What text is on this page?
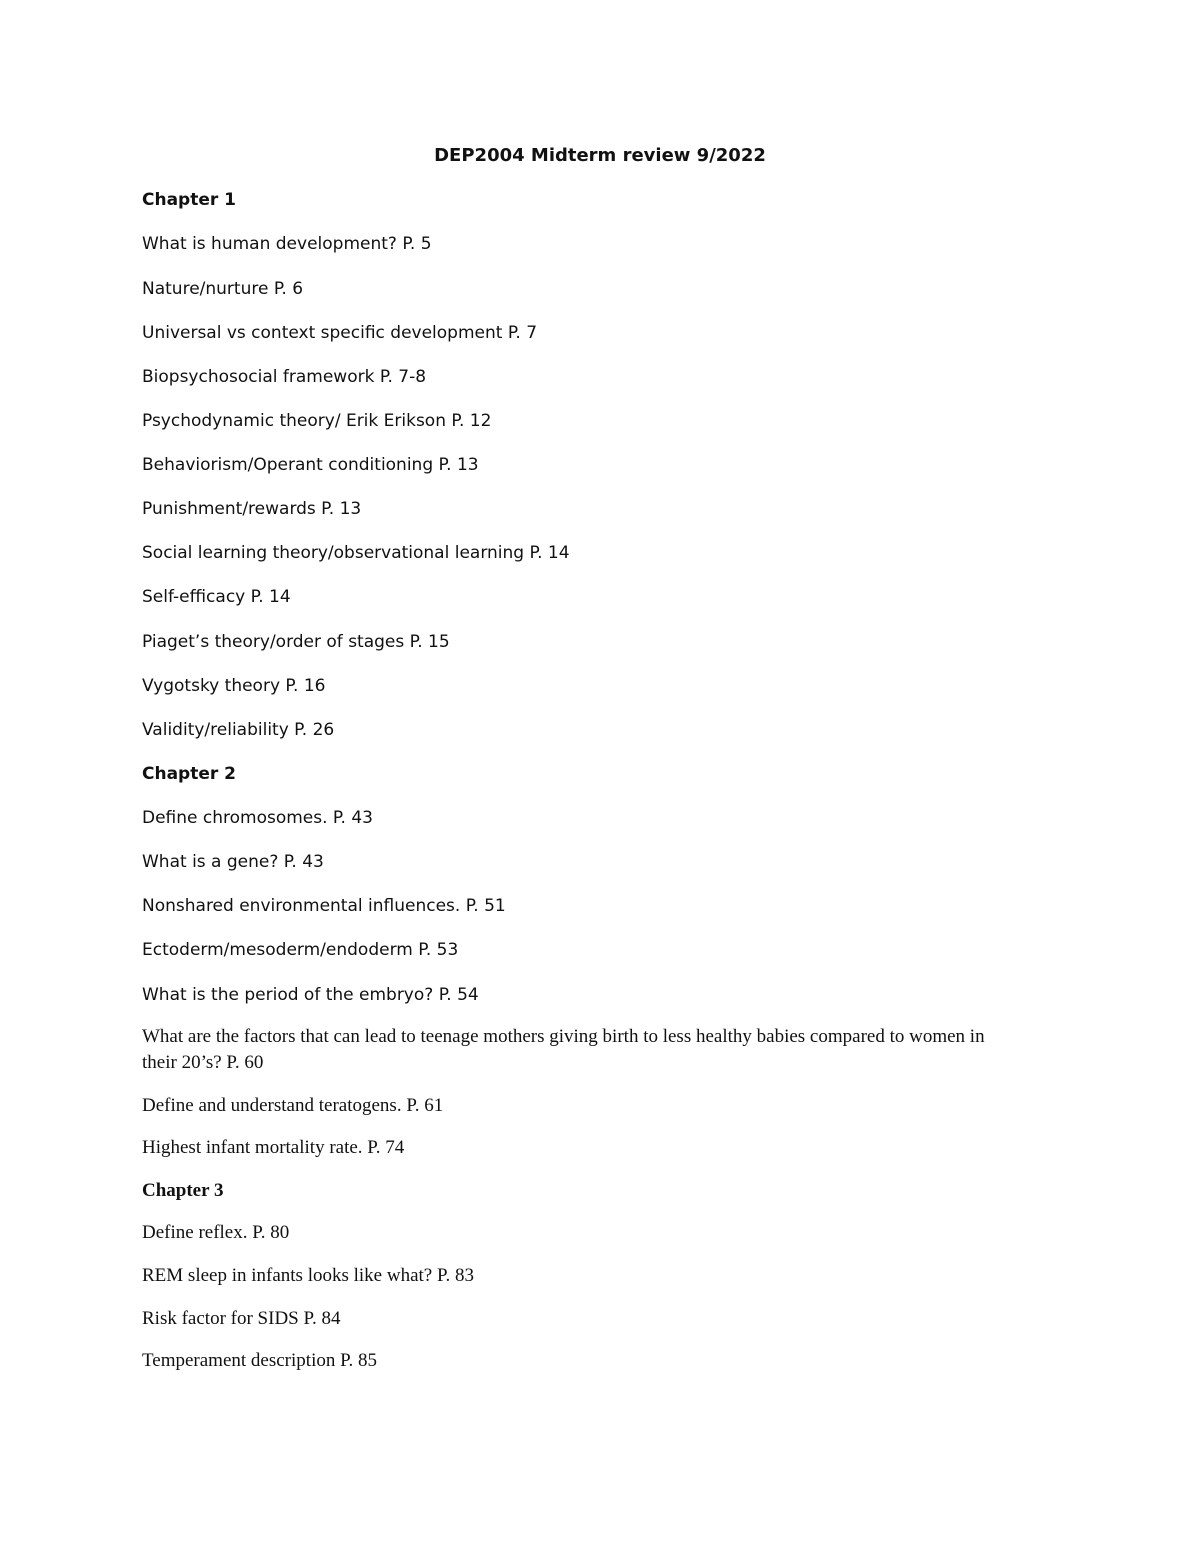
DEP2004 Midterm review 9/2022
Chapter 1
What is human development? P. 5
Nature/nurture P. 6
Universal vs context specific development P. 7
Biopsychosocial framework P. 7-8
Psychodynamic theory/ Erik Erikson P. 12
Behaviorism/Operant conditioning P. 13
Punishment/rewards P. 13
Social learning theory/observational learning P. 14
Self-efficacy P. 14
Piaget’s theory/order of stages P. 15
Vygotsky theory P. 16
Validity/reliability P. 26
Chapter 2
Define chromosomes. P. 43
What is a gene? P. 43
Nonshared environmental influences. P. 51
Ectoderm/mesoderm/endoderm P. 53
What is the period of the embryo? P. 54
What are the factors that can lead to teenage mothers giving birth to less healthy babies compared to women in their 20’s? P. 60
Define and understand teratogens. P. 61
Highest infant mortality rate. P. 74
Chapter 3
Define reflex. P. 80
REM sleep in infants looks like what? P. 83
Risk factor for SIDS P. 84
Temperament description P. 85
